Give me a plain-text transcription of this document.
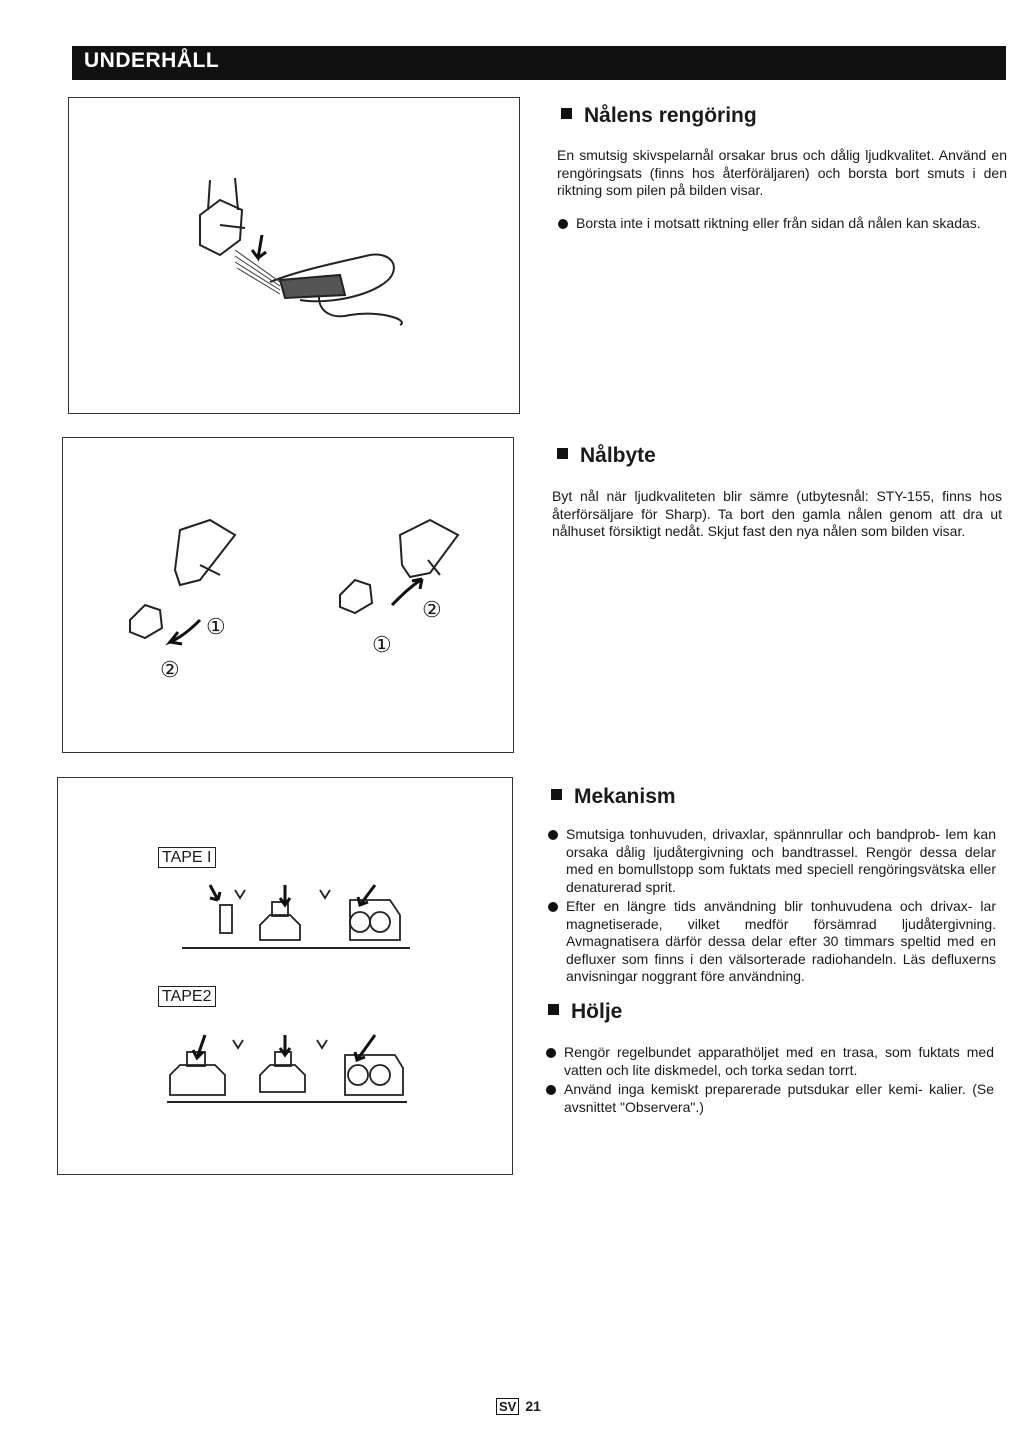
UNDERHÅLL
①
②
②
①
TAPE I
TAPE2
Nålens rengöring

En smutsig skivspelarnål orsakar brus och dålig ljudkvalitet. Använd en rengöringsats (finns hos återföräljaren) och borsta bort smuts i den riktning som pilen på bilden visar.

Borsta inte i motsatt riktning eller från sidan då nålen kan skadas.
Nålbyte

Byt nål när ljudkvaliteten blir sämre (utbytesnål: STY-155, finns hos återförsäljare för Sharp). Ta bort den gamla nålen genom att dra ut nålhuset försiktigt nedåt. Skjut fast den nya nålen som bilden visar.

Mekanism
Smutsiga tonhuvuden, drivaxlar, spännrullar och bandprob- lem kan orsaka dålig ljudåtergivning och bandtrassel. Rengör dessa delar med en bomullstopp som fuktats med speciell rengöringsvätska eller denaturerad sprit.
Efter en längre tids användning blir tonhuvudena och drivax- lar magnetiserade, vilket medför försämrad ljudåtergivning. Avmagnatisera därför dessa delar efter 30 timmars speltid med en defluxer som finns i den välsorterade radiohandeln. Läs defluxerns anvisningar noggrant före användning.
Hölje
Rengör regelbundet apparathöljet med en trasa, som fuktats med vatten och lite diskmedel, och torka sedan torrt.
Använd inga kemiskt preparerade putsdukar eller kemi- kalier. (Se avsnittet "Observera".)
SV 21
